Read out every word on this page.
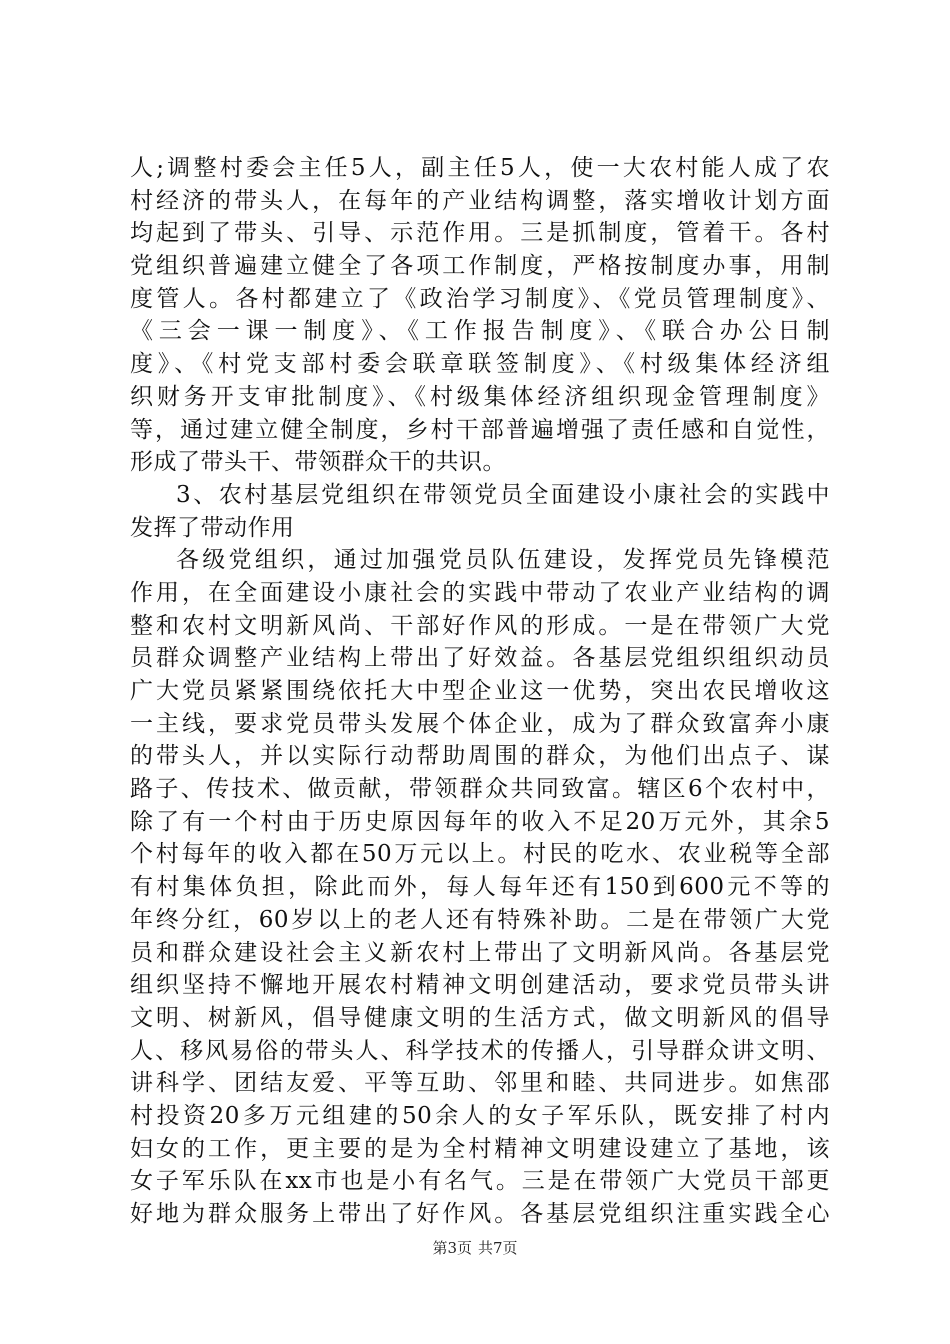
人;调整村委会主任5人，副主任5人，使一大农村能人成了农
村经济的带头人，在每年的产业结构调整，落实增收计划方面
均起到了带头、引导、示范作用。三是抓制度，管着干。各村
党组织普遍建立健全了各项工作制度，严格按制度办事，用制
度管人。各村都建立了《政治学习制度》、《党员管理制度》、
《三会一课一制度》、《工作报告制度》、《联合办公日制
度》、《村党支部村委会联章联签制度》、《村级集体经济组
织财务开支审批制度》、《村级集体经济组织现金管理制度》
等，通过建立健全制度，乡村干部普遍增强了责任感和自觉性，
形成了带头干、带领群众干的共识。
3、农村基层党组织在带领党员全面建设小康社会的实践中
发挥了带动作用
各级党组织，通过加强党员队伍建设，发挥党员先锋模范
作用，在全面建设小康社会的实践中带动了农业产业结构的调
整和农村文明新风尚、干部好作风的形成。一是在带领广大党
员群众调整产业结构上带出了好效益。各基层党组织组织动员
广大党员紧紧围绕依托大中型企业这一优势，突出农民增收这
一主线，要求党员带头发展个体企业，成为了群众致富奔小康
的带头人，并以实际行动帮助周围的群众，为他们出点子、谋
路子、传技术、做贡献，带领群众共同致富。辖区6个农村中，
除了有一个村由于历史原因每年的收入不足20万元外，其余5
个村每年的收入都在50万元以上。村民的吃水、农业税等全部
有村集体负担，除此而外，每人每年还有150到600元不等的
年终分红，60岁以上的老人还有特殊补助。二是在带领广大党
员和群众建设社会主义新农村上带出了文明新风尚。各基层党
组织坚持不懈地开展农村精神文明创建活动，要求党员带头讲
文明、树新风，倡导健康文明的生活方式，做文明新风的倡导
人、移风易俗的带头人、科学技术的传播人，引导群众讲文明、
讲科学、团结友爱、平等互助、邻里和睦、共同进步。如焦邵
村投资20多万元组建的50余人的女子军乐队，既安排了村内
妇女的工作，更主要的是为全村精神文明建设建立了基地，该
女子军乐队在xx市也是小有名气。三是在带领广大党员干部更
好地为群众服务上带出了好作风。各基层党组织注重实践全心
第3页 共7页
